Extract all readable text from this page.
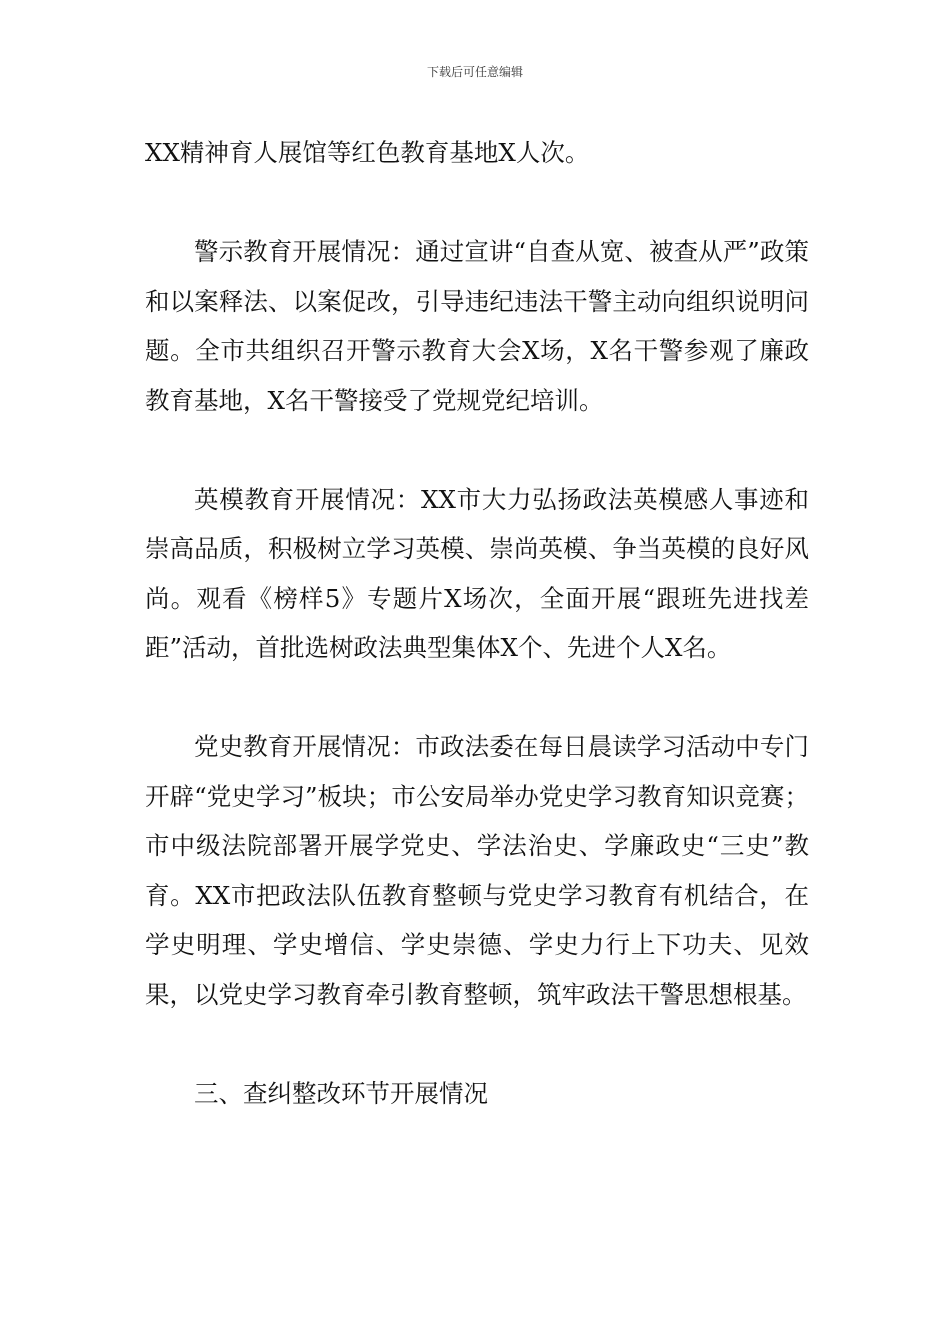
下载后可任意编辑

XX精神育人展馆等红色教育基地X人次。

警示教育开展情况：通过宣讲“自查从宽、被查从严”政策和以案释法、以案促改，引导违纪违法干警主动向组织说明问题。全市共组织召开警示教育大会X场，X名干警参观了廉政教育基地，X名干警接受了党规党纪培训。

英模教育开展情况：XX市大力弘扬政法英模感人事迹和崇高品质，积极树立学习英模、崇尚英模、争当英模的良好风尚。观看《榜样5》专题片X场次，全面开展“跟班先进找差距”活动，首批选树政法典型集体X个、先进个人X名。

党史教育开展情况：市政法委在每日晨读学习活动中专门开辟“党史学习”板块；市公安局举办党史学习教育知识竞赛；市中级法院部署开展学党史、学法治史、学廉政史“三史”教育。XX市把政法队伍教育整顿与党史学习教育有机结合，在学史明理、学史增信、学史崇德、学史力行上下功夫、见效果，以党史学习教育牵引教育整顿，筑牢政法干警思想根基。

三、查纠整改环节开展情况
